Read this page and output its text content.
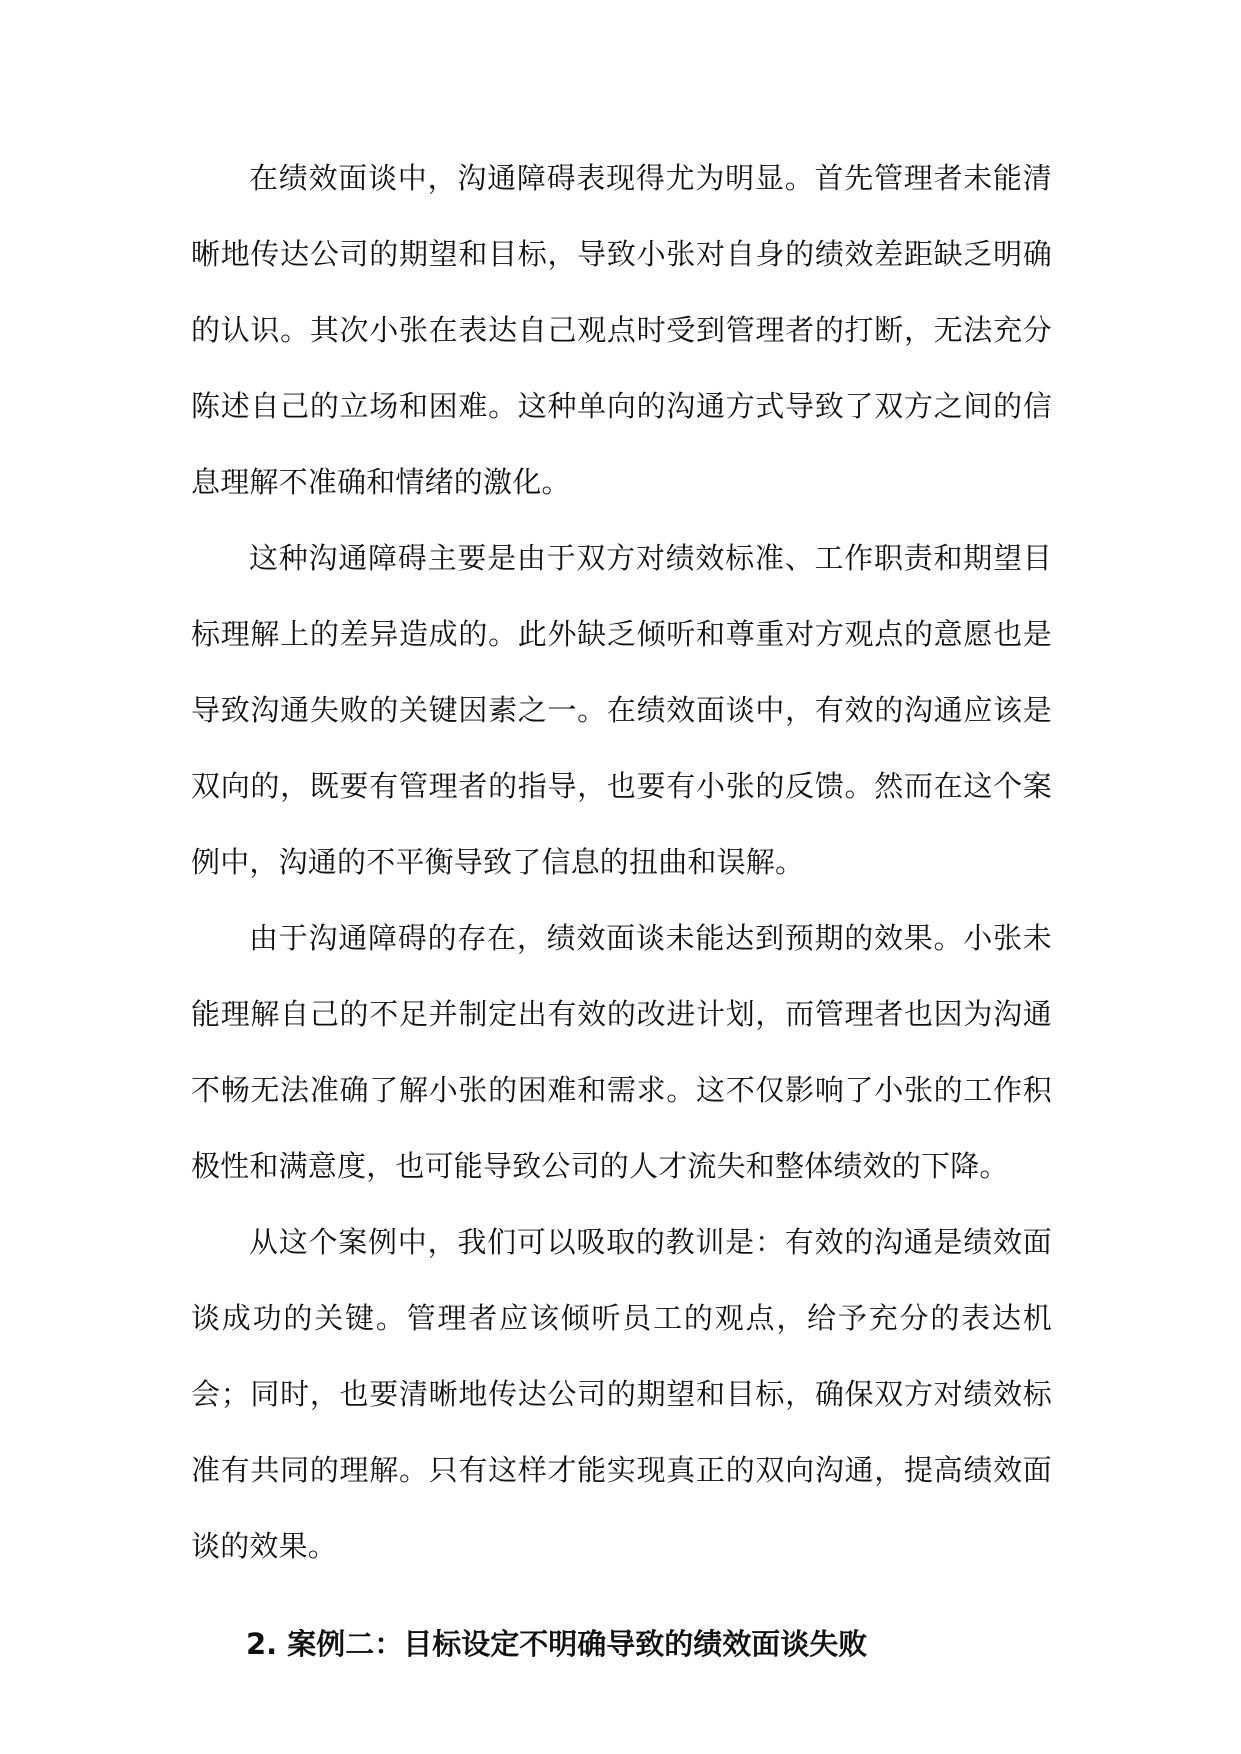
在绩效面谈中，沟通障碍表现得尤为明显。首先管理者未能清晰地传达公司的期望和目标，导致小张对自身的绩效差距缺乏明确的认识。其次小张在表达自己观点时受到管理者的打断，无法充分陈述自己的立场和困难。这种单向的沟通方式导致了双方之间的信息理解不准确和情绪的激化。

这种沟通障碍主要是由于双方对绩效标准、工作职责和期望目标理解上的差异造成的。此外缺乏倾听和尊重对方观点的意愿也是导致沟通失败的关键因素之一。在绩效面谈中，有效的沟通应该是双向的，既要有管理者的指导，也要有小张的反馈。然而在这个案例中，沟通的不平衡导致了信息的扭曲和误解。

由于沟通障碍的存在，绩效面谈未能达到预期的效果。小张未能理解自己的不足并制定出有效的改进计划，而管理者也因为沟通不畅无法准确了解小张的困难和需求。这不仅影响了小张的工作积极性和满意度，也可能导致公司的人才流失和整体绩效的下降。

从这个案例中，我们可以吸取的教训是：有效的沟通是绩效面谈成功的关键。管理者应该倾听员工的观点，给予充分的表达机会；同时，也要清晰地传达公司的期望和目标，确保双方对绩效标准有共同的理解。只有这样才能实现真正的双向沟通，提高绩效面谈的效果。

2. 案例二：目标设定不明确导致的绩效面谈失败
